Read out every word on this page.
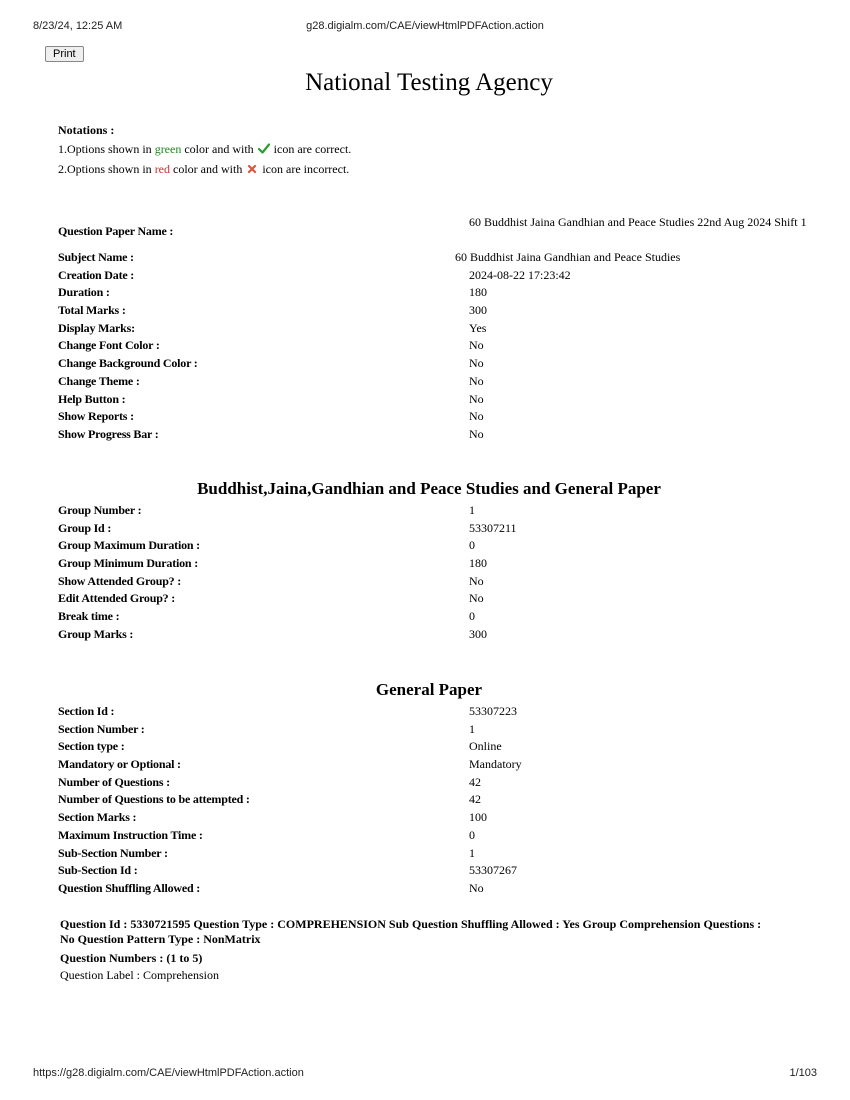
8/23/24, 12:25 AM	g28.digialm.com/CAE/viewHtmlPDFAction.action
Print
National Testing Agency
Notations :
1.Options shown in green color and with  icon are correct.
2.Options shown in red color and with  icon are incorrect.
Question Paper Name :
60 Buddhist Jaina Gandhian and Peace Studies 22nd Aug 2024 Shift 1
Subject Name :	60 Buddhist Jaina Gandhian and Peace Studies
Creation Date :	2024-08-22 17:23:42
Duration :	180
Total Marks :	300
Display Marks:	Yes
Change Font Color :	No
Change Background Color :	No
Change Theme :	No
Help Button :	No
Show Reports :	No
Show Progress Bar :	No
Buddhist,Jaina,Gandhian and Peace Studies and General Paper
Group Number :	1
Group Id :	53307211
Group Maximum Duration :	0
Group Minimum Duration :	180
Show Attended Group? :	No
Edit Attended Group? :	No
Break time :	0
Group Marks :	300
General Paper
Section Id :	53307223
Section Number :	1
Section type :	Online
Mandatory or Optional :	Mandatory
Number of Questions :	42
Number of Questions to be attempted :	42
Section Marks :	100
Maximum Instruction Time :	0
Sub-Section Number :	1
Sub-Section Id :	53307267
Question Shuffling Allowed :	No
Question Id : 5330721595 Question Type : COMPREHENSION Sub Question Shuffling Allowed : Yes Group Comprehension Questions : No Question Pattern Type : NonMatrix
Question Numbers : (1 to 5)
Question Label : Comprehension
https://g28.digialm.com/CAE/viewHtmlPDFAction.action	1/103
